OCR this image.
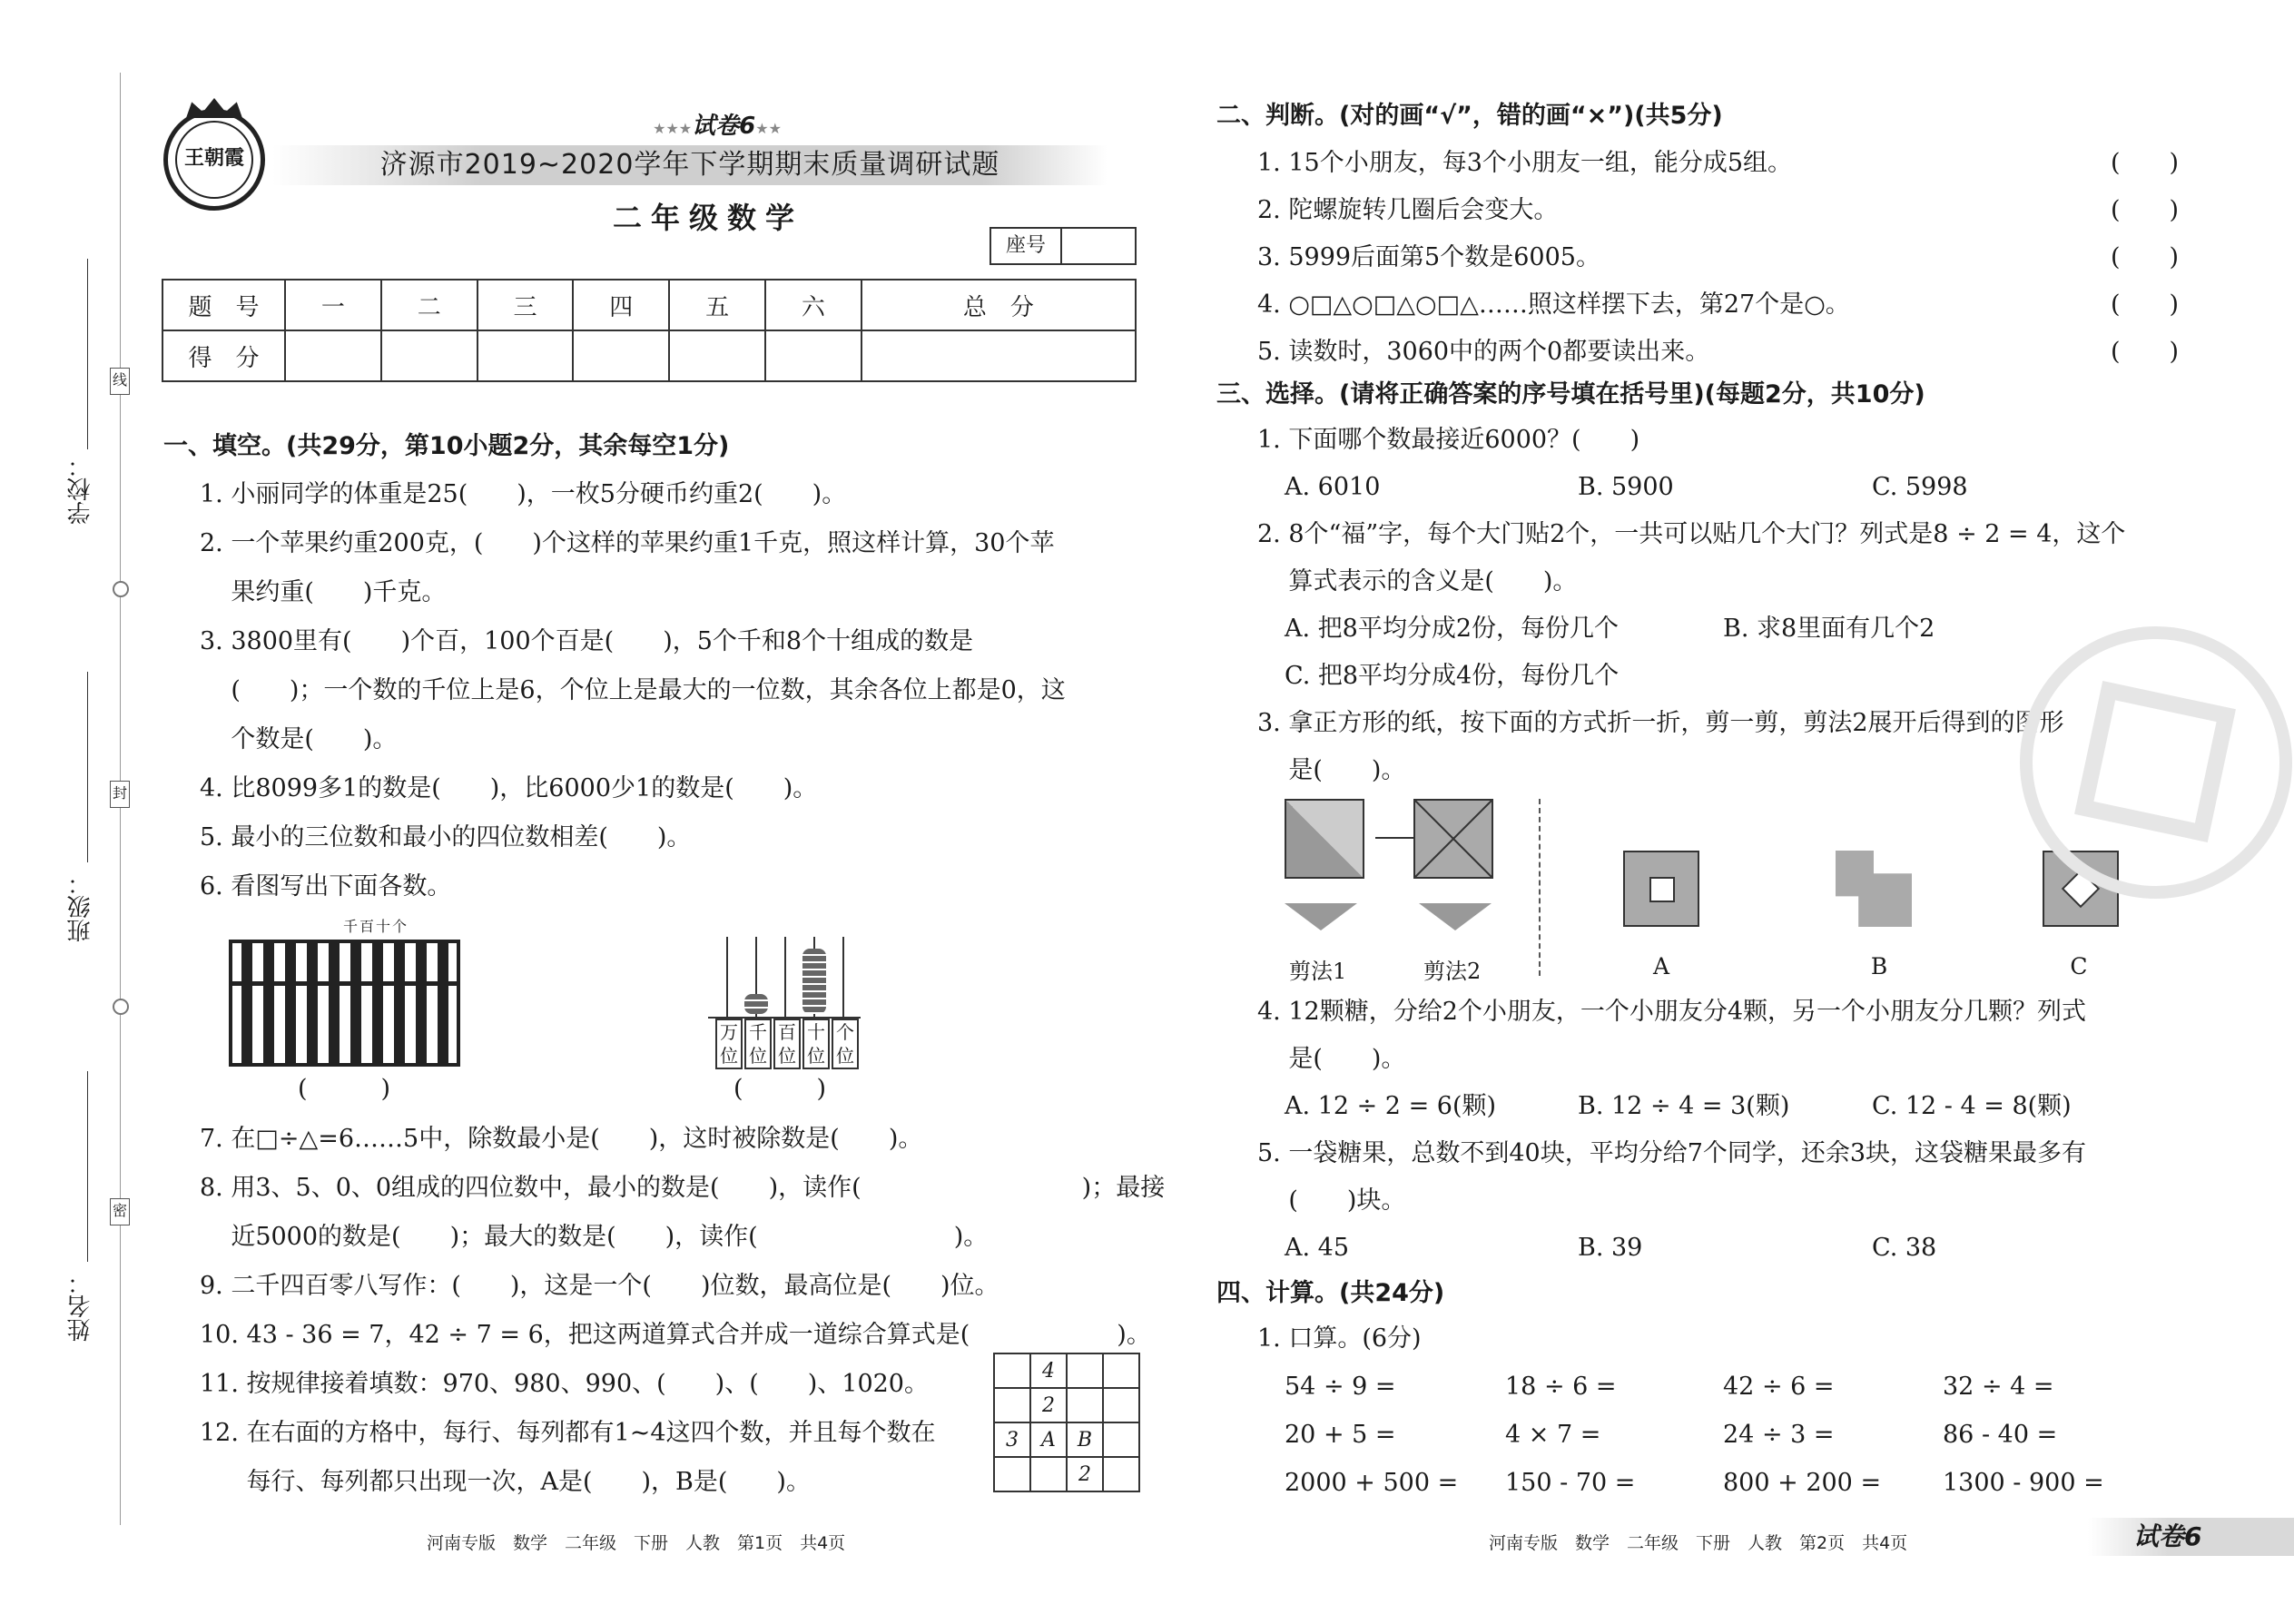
学校：
班级：
姓名：
线
封
密
王朝霞
★★★试卷6★★
济源市2019~2020学年下学期期末质量调研试题
二年级数学
座号
题　号	一	二	三	四	五	六	总　分
得　分							
一、填空。(共29分，第10小题2分，其余每空1分)
1. 小丽同学的体重是25(　　)，一枚5分硬币约重2(　　)。
2. 一个苹果约重200克，(　　)个这样的苹果约重1千克，照这样计算，30个苹
果约重(　　)千克。
3. 3800里有(　　)个百，100个百是(　　)，5个千和8个十组成的数是
(　　)；一个数的千位上是6，个位上是最大的一位数，其余各位上都是0，这
个数是(　　)。
4. 比8099多1的数是(　　)，比6000少1的数是(　　)。
5. 最小的三位数和最小的四位数相差(　　)。
6. 看图写出下面各数。
千百十个
(　　　)
万位
千位
百位
十位
个位
(　　　)
7. 在□÷△=6……5中，除数最小是(　　)，这时被除数是(　　)。
8. 用3、5、0、0组成的四位数中，最小的数是(　　)，读作(　　　　　　　　　)；最接
近5000的数是(　　)；最大的数是(　　)，读作(　　　　　　　　)。
9. 二千四百零八写作：(　　)，这是一个(　　)位数，最高位是(　　)位。
10. 43 - 36 = 7，42 ÷ 7 = 6，把这两道算式合并成一道综合算式是(　　　　　　)。
11. 按规律接着填数：970、980、990、(　　)、(　　)、1020。
12. 在右面的方格中，每行、每列都有1~4这四个数，并且每个数在
每行、每列都只出现一次，A是(　　)，B是(　　)。
	4		
	2		
3	A	B	
		2	
河南专版　数学　二年级　下册　人教　第1页　共4页
二、判断。(对的画“√”，错的画“×”)(共5分)
1. 15个小朋友，每3个小朋友一组，能分成5组。
2. 陀螺旋转几圈后会变大。
3. 5999后面第5个数是6005。
4. ○□△○□△○□△……照这样摆下去，第27个是○。
5. 读数时，3060中的两个0都要读出来。
(　　)
(　　)
(　　)
(　　)
(　　)
三、选择。(请将正确答案的序号填在括号里)(每题2分，共10分)
1. 下面哪个数最接近6000？(　　)
A. 6010	B. 5900	C. 5998
2. 8个“福”字，每个大门贴2个，一共可以贴几个大门？列式是8 ÷ 2 = 4，这个
算式表示的含义是(　　)。
A. 把8平均分成2份，每份几个	B. 求8里面有几个2
C. 把8平均分成4份，每份几个
3. 拿正方形的纸，按下面的方式折一折，剪一剪，剪法2展开后得到的图形
是(　　)。
剪法1	剪法2	A	B	C
4. 12颗糖，分给2个小朋友，一个小朋友分4颗，另一个小朋友分几颗？列式
是(　　)。
A. 12 ÷ 2 = 6(颗)	B. 12 ÷ 4 = 3(颗)	C. 12 - 4 = 8(颗)
5. 一袋糖果，总数不到40块，平均分给7个同学，还余3块，这袋糖果最多有
(　　)块。
A. 45	B. 39	C. 38
四、计算。(共24分)
1. 口算。(6分)
54 ÷ 9 =	18 ÷ 6 =	42 ÷ 6 =	32 ÷ 4 =
20 + 5 =	4 × 7 =	24 ÷ 3 =	86 - 40 =
2000 + 500 = 150 - 70 =	800 + 200 =	1300 - 900 =
河南专版　数学　二年级　下册　人教　第2页　共4页	试卷6
